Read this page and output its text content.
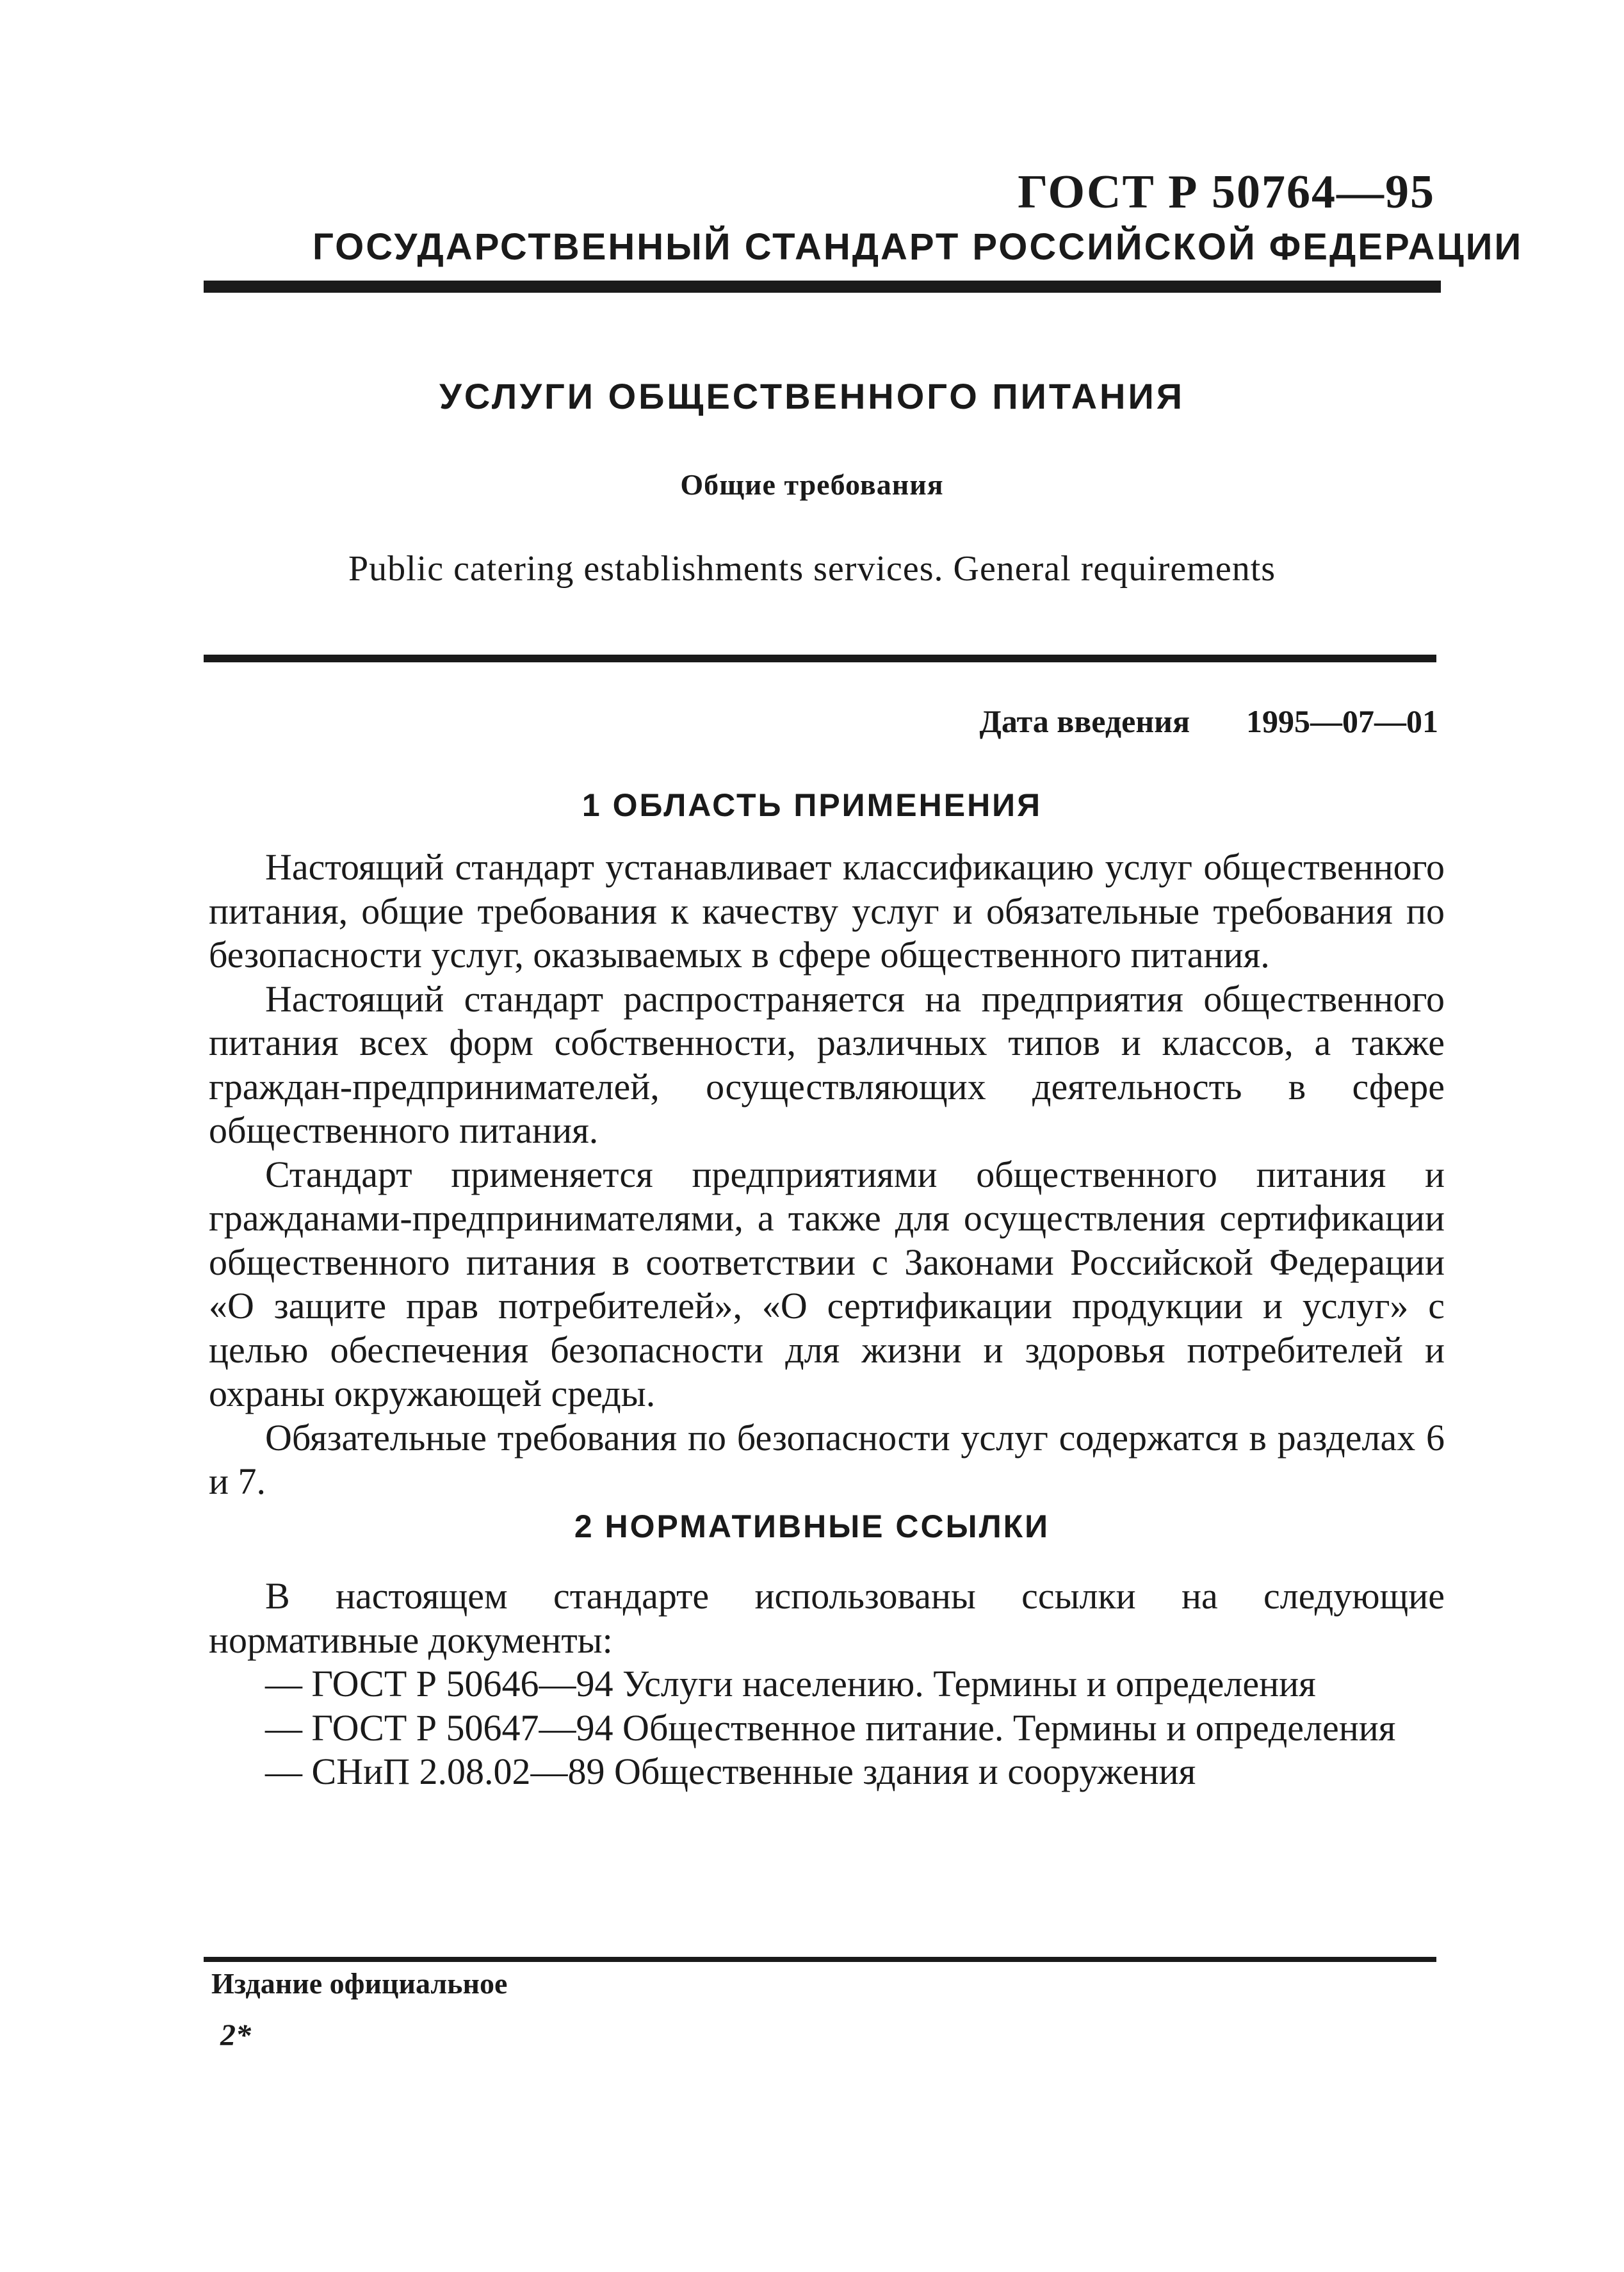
ГОСТ Р 50764—95
ГОСУДАРСТВЕННЫЙ СТАНДАРТ РОССИЙСКОЙ ФЕДЕРАЦИИ
УСЛУГИ ОБЩЕСТВЕННОГО ПИТАНИЯ
Общие требования
Public catering establishments services. General requirements
Дата введения 1995—07—01
1 ОБЛАСТЬ ПРИМЕНЕНИЯ

Настоящий стандарт устанавливает классификацию услуг общественного питания, общие требования к качеству услуг и обязательные требования по безопасности услуг, оказываемых в сфере общественного питания.

Настоящий стандарт распространяется на предприятия общественного питания всех форм собственности, различных типов и классов, а также граждан-предпринимателей, осуществляющих деятельность в сфере общественного питания.

Стандарт применяется предприятиями общественного питания и гражданами-предпринимателями, а также для осуществления сертификации общественного питания в соответствии с Законами Российской Федерации «О защите прав потребителей», «О сертификации продукции и услуг» с целью обеспечения безопасности для жизни и здоровья потребителей и охраны окружающей среды.

Обязательные требования по безопасности услуг содержатся в разделах 6 и 7.

2 НОРМАТИВНЫЕ ССЫЛКИ

В настоящем стандарте использованы ссылки на следующие нормативные документы:

— ГОСТ Р 50646—94 Услуги населению. Термины и определения

— ГОСТ Р 50647—94 Общественное питание. Термины и определения

— СНиП 2.08.02—89 Общественные здания и сооружения

Издание официальное
2*
